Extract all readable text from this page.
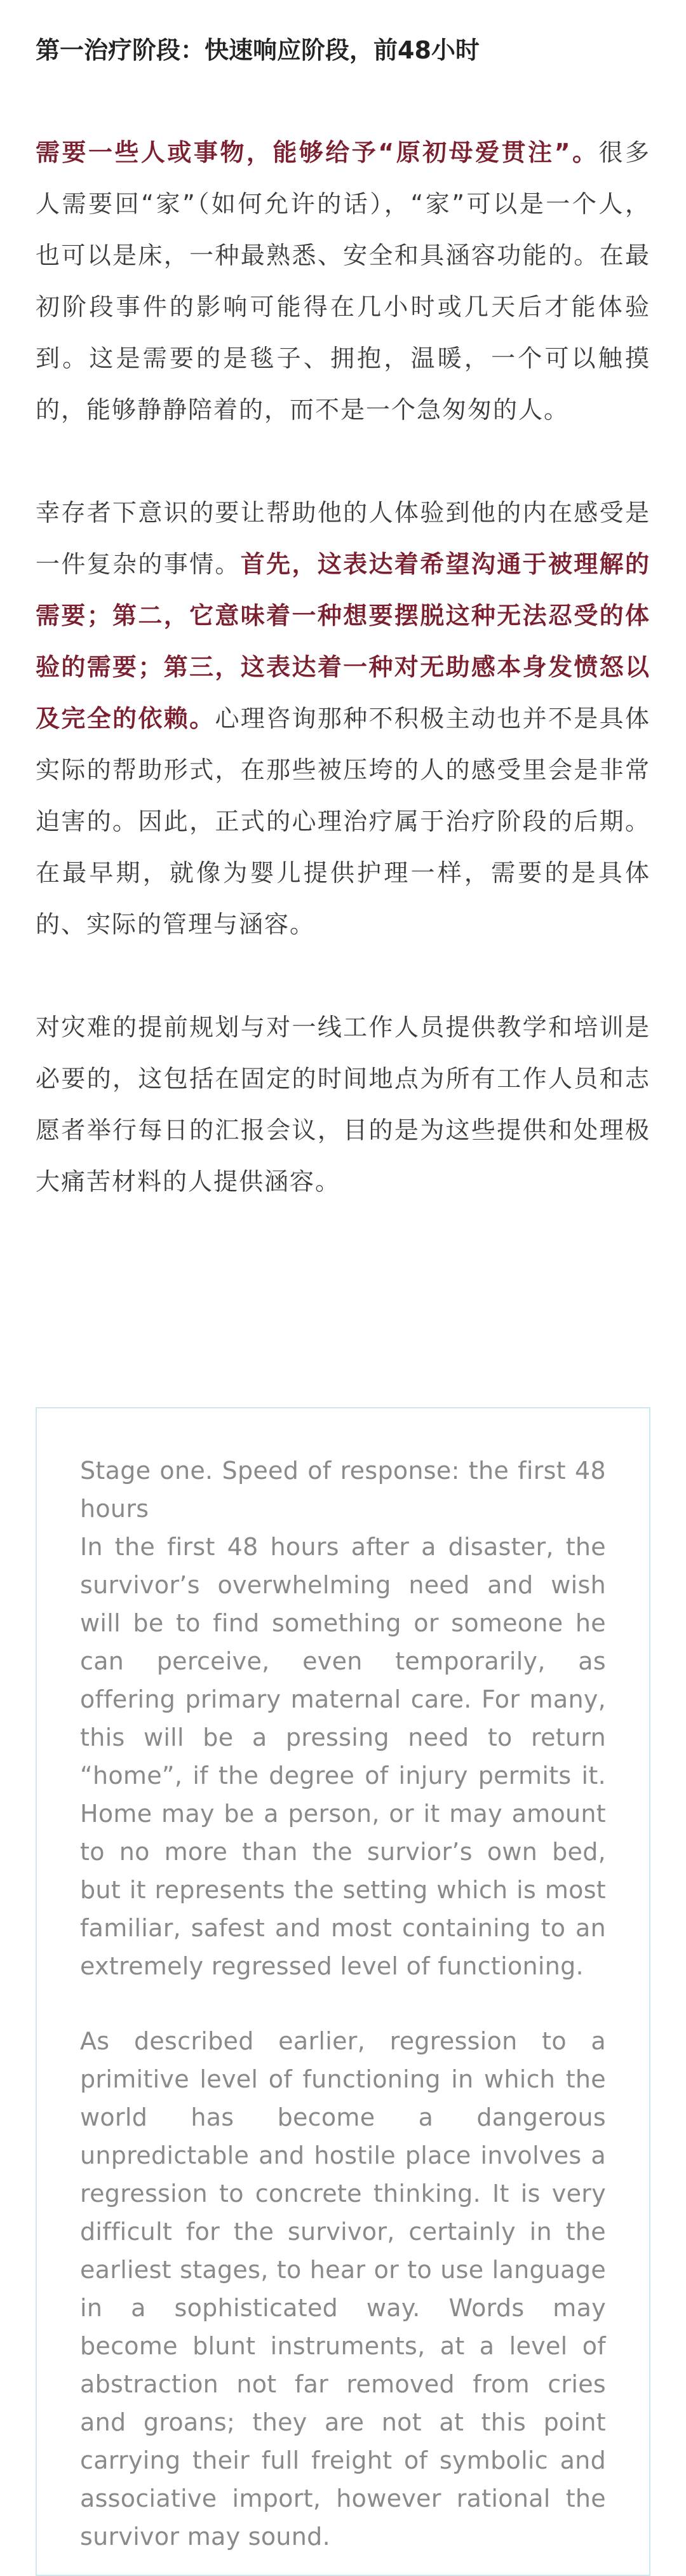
第一治疗阶段：快速响应阶段，前48小时

需要一些人或事物，能够给予“原初母爱贯注”。很多人需要回“家”（如何允许的话），“家”可以是一个人，也可以是床，一种最熟悉、安全和具涵容功能的。在最初阶段事件的影响可能得在几小时或几天后才能体验到。这是需要的是毯子、拥抱，温暖，一个可以触摸的，能够静静陪着的，而不是一个急匆匆的人。

幸存者下意识的要让帮助他的人体验到他的内在感受是一件复杂的事情。首先，这表达着希望沟通于被理解的需要；第二，它意味着一种想要摆脱这种无法忍受的体验的需要；第三，这表达着一种对无助感本身发愤怒以及完全的依赖。心理咨询那种不积极主动也并不是具体实际的帮助形式，在那些被压垮的人的感受里会是非常迫害的。因此，正式的心理治疗属于治疗阶段的后期。在最早期，就像为婴儿提供护理一样，需要的是具体的、实际的管理与涵容。

对灾难的提前规划与对一线工作人员提供教学和培训是必要的，这包括在固定的时间地点为所有工作人员和志愿者举行每日的汇报会议，目的是为这些提供和处理极大痛苦材料的人提供涵容。

Stage one. Speed of response: the first 48 hours

In the first 48 hours after a disaster, the survivor’s overwhelming need and wish will be to find something or someone he can perceive, even temporarily, as offering primary maternal care. For many, this will be a pressing need to return “home”, if the degree of injury permits it. Home may be a person, or it may amount to no more than the survior’s own bed, but it represents the setting which is most familiar, safest and most containing to an extremely regressed level of functioning.

As described earlier, regression to a primitive level of functioning in which the world has become a dangerous unpredictable and hostile place involves a regression to concrete thinking. It is very difficult for the survivor, certainly in the earliest stages, to hear or to use language in a sophisticated way. Words may become blunt instruments, at a level of abstraction not far removed from cries and groans; they are not at this point carrying their full freight of symbolic and associative import, however rational the survivor may sound.
